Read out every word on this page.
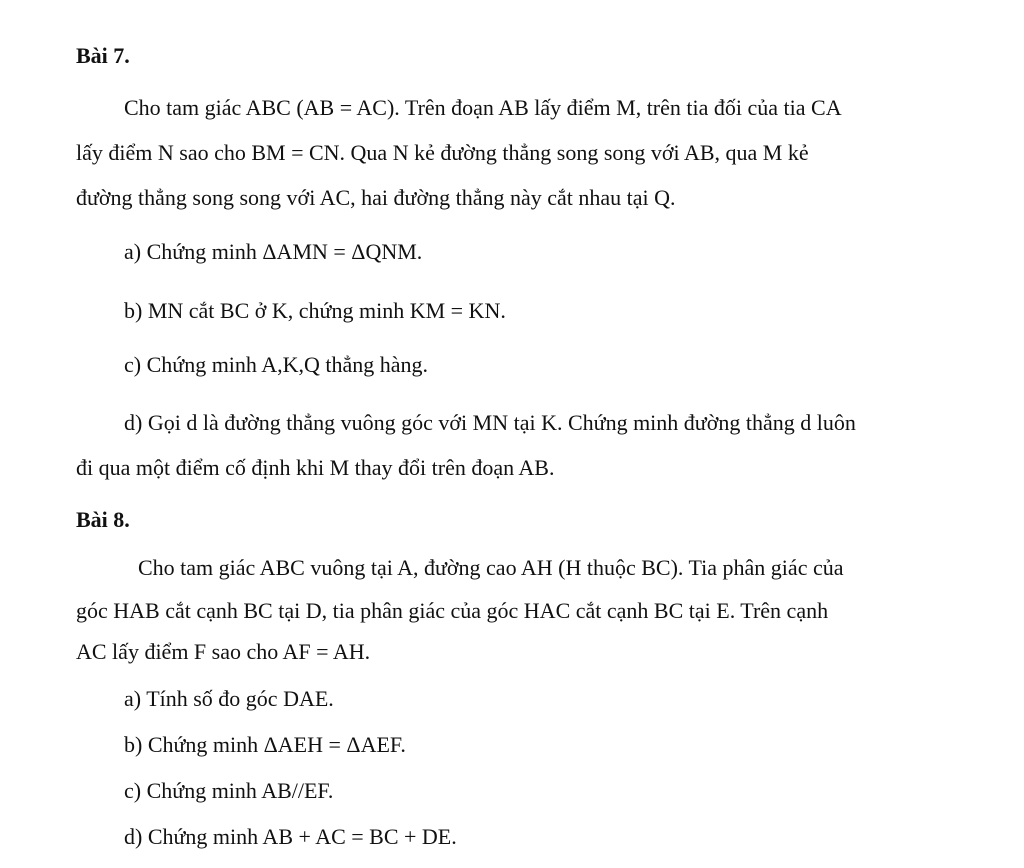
Bài 7.
Cho tam giác ABC (AB = AC). Trên đoạn AB lấy điểm M, trên tia đối của tia CA
lấy điểm N sao cho BM = CN. Qua N kẻ đường thẳng song song với AB, qua M kẻ
đường thẳng song song với AC, hai đường thẳng này cắt nhau tại Q.
a) Chứng minh ΔAMN = ΔQNM.
b) MN cắt BC ở K, chứng minh KM = KN.
c) Chứng minh A,K,Q thẳng hàng.
d) Gọi d là đường thẳng vuông góc với MN tại K. Chứng minh đường thẳng d luôn
đi qua một điểm cố định khi M thay đổi trên đoạn AB.
Bài 8.
Cho tam giác ABC vuông tại A, đường cao AH (H thuộc BC). Tia phân giác của
góc HAB cắt cạnh BC tại D, tia phân giác của góc HAC cắt cạnh BC tại E. Trên cạnh
AC lấy điểm F sao cho AF = AH.
a) Tính số đo góc DAE.
b) Chứng minh ΔAEH = ΔAEF.
c) Chứng minh AB//EF.
d) Chứng minh AB + AC = BC + DE.
